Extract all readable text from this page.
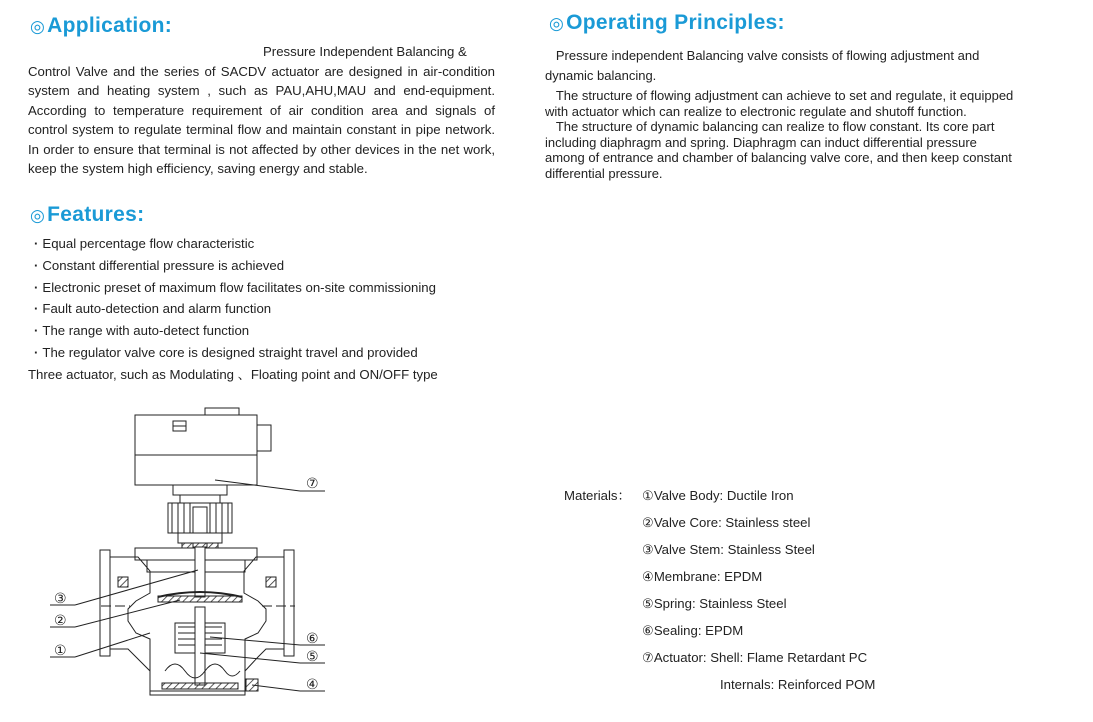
◎Application:
Pressure Independent Balancing &
Control Valve and the series of SACDV actuator are designed in air-condition system and heating system , such as PAU,AHU,MAU and end-equipment. According to temperature requirement of air condition area and signals of control system to regulate terminal flow and maintain constant in pipe network. In order to ensure that terminal is not affected by other devices in the net work, keep the system high efficiency, saving energy and stable.
◎Features:
· Equal percentage flow characteristic
· Constant differential pressure is achieved
· Electronic preset of maximum flow facilitates on-site commissioning
· Fault auto-detection and alarm function
· The range with auto-detect function
· The regulator valve core is designed straight travel and provided
Three actuator, such as Modulating 、Floating point and ON/OFF type
◎Operating Principles:

Pressure independent Balancing valve consists of flowing adjustment and dynamic balancing.

The structure of flowing adjustment can achieve to set and regulate, it equipped with actuator which can realize to electronic regulate and shutoff function.

The structure of dynamic balancing can realize to flow constant. Its core part including diaphragm and spring. Diaphragm can induct differential pressure among of entrance and chamber of balancing valve core, and then keep constant differential pressure.

Materials： ①Valve Body: Ductile Iron
②Valve Core: Stainless steel
③Valve Stem: Stainless Steel
④Membrane: EPDM
⑤Spring: Stainless Steel
⑥Sealing: EPDM
⑦Actuator: Shell: Flame Retardant PC
Internals: Reinforced POM
⑦
③
②
①
⑥
⑤
④
